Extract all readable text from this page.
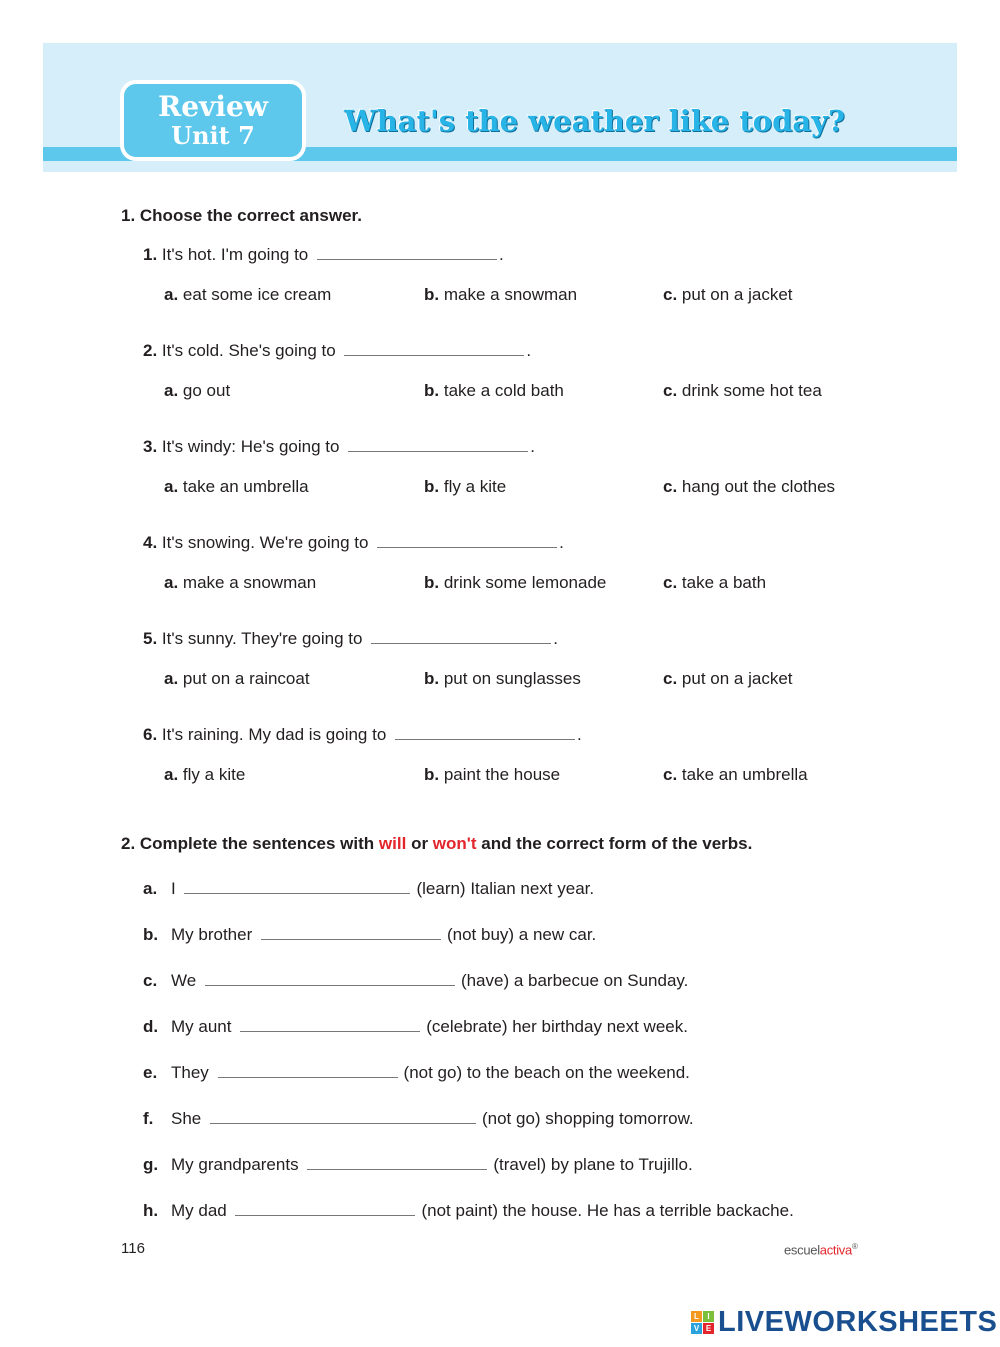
Review
Unit 7	What's the weather like today?
1. Choose the correct answer.
1. It's hot. I'm going to	.
a. eat some ice cream	b. make a snowman	c. put on a jacket
2. It's cold. She's going to	.
a. go out	b. take a cold bath	c. drink some hot tea
3. It's windy: He's going to	.
a. take an umbrella	b. fly a kite	c. hang out the clothes
4. It's snowing. We're going to	.
a. make a snowman	b. drink some lemonade	c. take a bath
5. It's sunny. They're going to	.
a. put on a raincoat	b. put on sunglasses	c. put on a jacket
6. It's raining. My dad is going to	.
a. fly a kite	b. paint the house	c. take an umbrella
2. Complete the sentences with will or won't and the correct form of the verbs.
a. I	(learn) Italian next year.
b. My brother	(not buy) a new car.
c. We	(have) a barbecue on Sunday.
d. My aunt	(celebrate) her birthday next week.
e. They	(not go) to the beach on the weekend.
f. She	(not go) shopping tomorrow.
g. My grandparents	(travel) by plane to Trujillo.
h. My dad	(not paint) the house. He has a terrible backache.
116	escuelactiva®
L	I
V E LIVEWORKSHEETS
